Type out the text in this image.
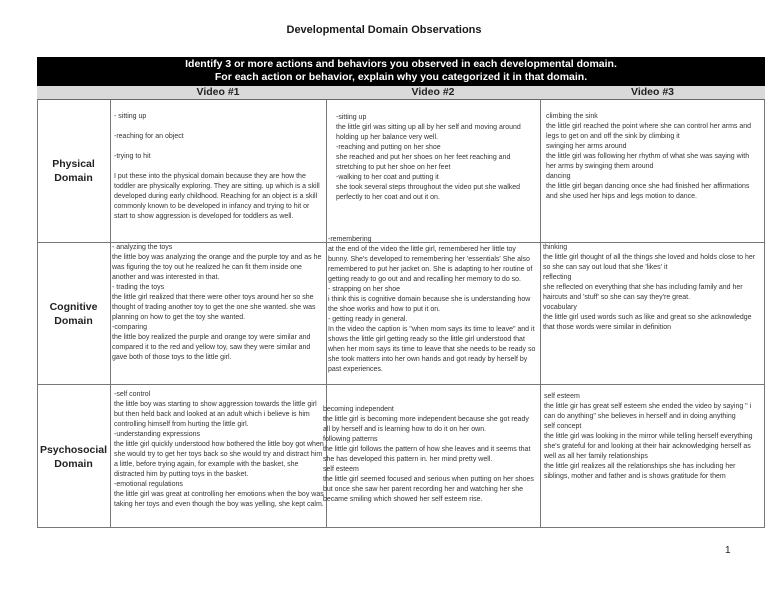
Developmental Domain Observations
Identify 3 or more actions and behaviors you observed in each developmental domain.
For each action or behavior, explain why you categorized it in that domain.
Video #1	Video #2	Video #3
Physical
Domain
Cognitive
Domain
Psychosocial
Domain
- sitting up

-reaching for an object

-trying to hit

I put these into the physical domain because they are how the toddler are physically exploring. They are sitting. up which is a skill developed during early childhood. Reaching for an object is a skill commonly known to be developed in infancy and trying to hit or start to show aggression is developed for toddlers as well.
-sitting up
the little girl was sitting up all by her self and moving around holding up her balance very well.
-reaching and putting on her shoe
she reached and put her shoes on her feet reaching and stretching to put her shoe on her feet
-walking to her coat and putting it
she took several steps throughout the video put she walked perfectly to her coat and out it on.
climbing the sink
the little girl reached the point where she can control her arms and legs to get on and off the sink by climbing it
swinging her arms around
the little girl was following her rhythm of what she was saying with her arms by swinging them around
dancing
the little girl began dancing once she had finished her affirmations and she used her hips and legs motion to dance.
- analyzing the toys
the little boy was analyzing the orange and the purple toy and as he was figuring the toy out he realized he can fit them inside one another and was interested in that.
- trading the toys
the little girl realized that there were other toys around her so she thought of trading another toy to get the one she wanted. she was planning on how to get the toy she wanted.
-comparing
the little boy realized the purple and orange toy were similar and compared it to the red and yellow toy, saw they were similar and gave both of those toys to the little girl.
-remembering
at the end of the video the little girl, remembered her little toy bunny. She's developed to remembering her 'essentials' She also remembered to put her jacket on. She is adapting to her routine of getting ready to go out and and recalling her memory to do so.
- strapping on her shoe
i think this is cognitive domain because she is understanding how the shoe works and how to put it on.
- getting ready in general.
In the video the caption is "when mom says its time to leave" and it shows the little girl getting ready so the little girl understood that when her mom says its time to leave that she needs to be ready so she took matters into her own hands and got ready by herself by past experiences.
thinking
the little girl thought of all the things she loved and holds close to her so she can say out loud that she 'likes' it
reflecting
she reflected on everything that she has including family and her haircuts and 'stuff' so she can say they're great.
vocabulary
the little girl used words such as like and great so she acknowledge that those words were similar in definition
-self control
the little boy was starting to show aggression towards the little girl but then held back and looked at an adult which i believe is him controlling himself from hurting the little girl.
-understanding expressions
the little girl quickly understood how bothered the little boy got when she would try to get her toys back so she would try and distract him a little, before trying again, for example with the basket, she distracted him by putting toys in the basket.
-emotional regulations
the little girl was great at controlling her emotions when the boy was taking her toys and even though the boy was yelling, she kept calm.
becoming independent
the little girl is becoming more independent because she got ready all by herself and is learning how to do it on her own.
following patterns
the little girl follows the pattern of how she leaves and it seems that she has developed this pattern in. her mind pretty well.
self esteem
the little girl seemed focused and serious when putting on her shoes but once she saw her parent recording her and watching her she became smiling which showed her self esteem rise.
self esteem
the little gir has great self esteem she ended the video by saying " i can do anything" she believes in herself and in doing anything
self concept
the little girl was looking in the mirror while telling herself everything she's grateful for and looking at their hair acknowledging herself as well as all her family relationships
the little girl realizes all the relationships she has including her siblings, mother and father and is shows gratitude for them
1
